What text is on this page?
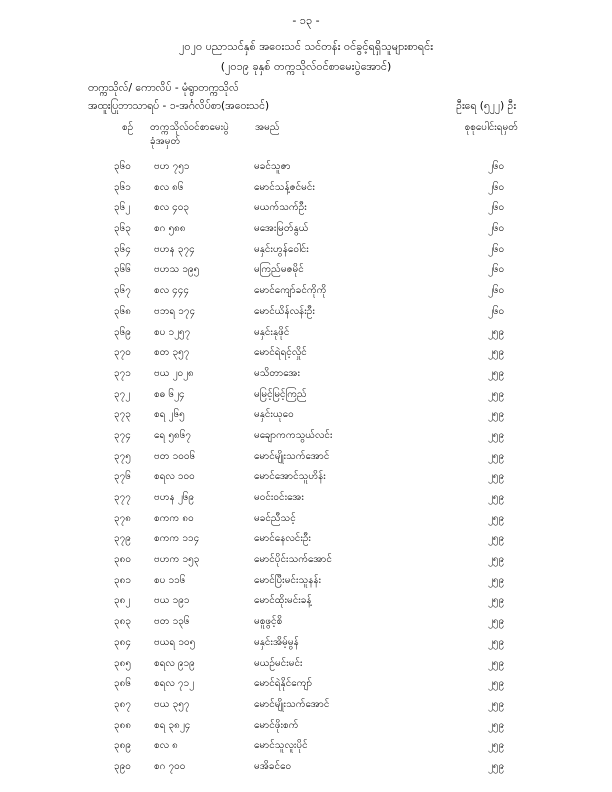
- ၁၃ -
၂၀၂၀ ပညာသင်နှစ် အဝေးသင် သင်တန်း ဝင်ခွင့်ရရှိသူများစာရင်း
(၂၀၁၉ ခုနှစ် တက္ကသိုလ်ဝင်စာမေးပွဲအောင်)
တက္ကသိုလ်/ ကောလိပ် - မုံရွာတက္ကသိုလ်
အထူးပြုဘာသာရပ် - ၁-အင်္ဂလိပ်စာ(အဝေးသင်)	ဦးရေ (၅၂၂) ဦး
စဉ် တက္ကသိုလ်ဝင်စာမေးပွဲ
ခုံအမှတ်
အမည်	စုစုပေါင်းရမှတ်
၃၆၀ ဗဟ ၇၅၁	မခင်သူဇာ	၂၆၀
၃၆၁ စလ ၈၆	မောင်သန့်ဇင်မင်း	၂၆၀
၃၆၂ စလ ၄၀၃	မယက်သက်ဦး	၂၆၀
၃၆၃ စဂ ၅၈၈	မအေးမြတ်နွယ်	၂၆၀
၃၆၄ ဗဟန ၃၇၄	မနှင်းဟွန်ဝေါင်း	၂၆၀
၃၆၆ ဗဟသ ၁၉၅	မကြည်မဇမိုင်	၂၆၀
၃၆၇ စလ ၄၄၄	မောင်ကျော်ခင်ကိုကို	၂၆၀
၃၆၈ ဗဘရ ၁၇၄	မောင်ယိန်လန်းဦး	၂၆၀
၃၆၉ စပ ၁၂၅၇	မနှင်းနုဖိုင်	၂၅၉
၃၇၀ စတ ၃၅၇	မောင်ရဲရင့်လှိုင်	၂၅၉
၃၇၁ ဗယ ၂၀၂၈	မသိတာအေး	၂၅၉
၃၇၂ စဓ ၆၂၄	မမြင့်မြင့်ကြည်	၂၅၉
၃၇၃ စရ ၂၆၅	မနှင်းယုဝေ	၂၅၉
၃၇၄ ရေ ၅၈၆၇	မချောကကသွယ်လင်း	၂၅၉
၃၇၅ ဗတ ၁၀၀၆	မောင်မျိုးသက်အောင်	၂၅၉
၃၇၆ စရလ ၁၀၀	မောင်အောင်သူဟိန်း	၂၅၉
၃၇၇ ဗဟန ၂၆၉	မဝင်းဝင်းအေး	၂၅၉
၃၇၈ စကက ၈၀	မခင်ညီသင့်	၂၅၉
၃၇၉ စကက ၁၁၄	မောင်နေလင်းဦး	၂၅၉
၃၈၀ ဗဟက ၁၅၃	မောင်ပိုင်းသက်အောင်	၂၅၉
၃၈၁ စပ ၁၁၆	မောင်ပြီးမင်းသူနန်း	၂၅၉
၃၈၂ ဗယ ၁၉၁	မောင်ထိုးမင်းခန့်	၂၅၉
၃၈၃ ဗတ ၁၃၆	မစူဖွင့်စိ	၂၅၉
၃၈၄ ဗယရ ၁၀၅	မနှင်းအိမ့်မွန်	၂၅၉
၃၈၅ စရလ ၉၁၉	မယဉ်မင်းမင်း	၂၅၉
၃၈၆ စရလ ၇၁၂	မောင်ရဲနိုင်ကျော်	၂၅၉
၃၈၇ ဗယ ၃၅၇	မောင်မျိုးသက်အောင်	၂၅၉
၃၈၈ စရ ၃၈၂၄	မောင်ဖိုးစက်	၂၅၉
၃၈၉ စလ ၈	မောင်သူလူးပိုင်	၂၅၉
၃၉၀ စဂ ၇၀၀	မအိခင်ဝေ	၂၅၉
